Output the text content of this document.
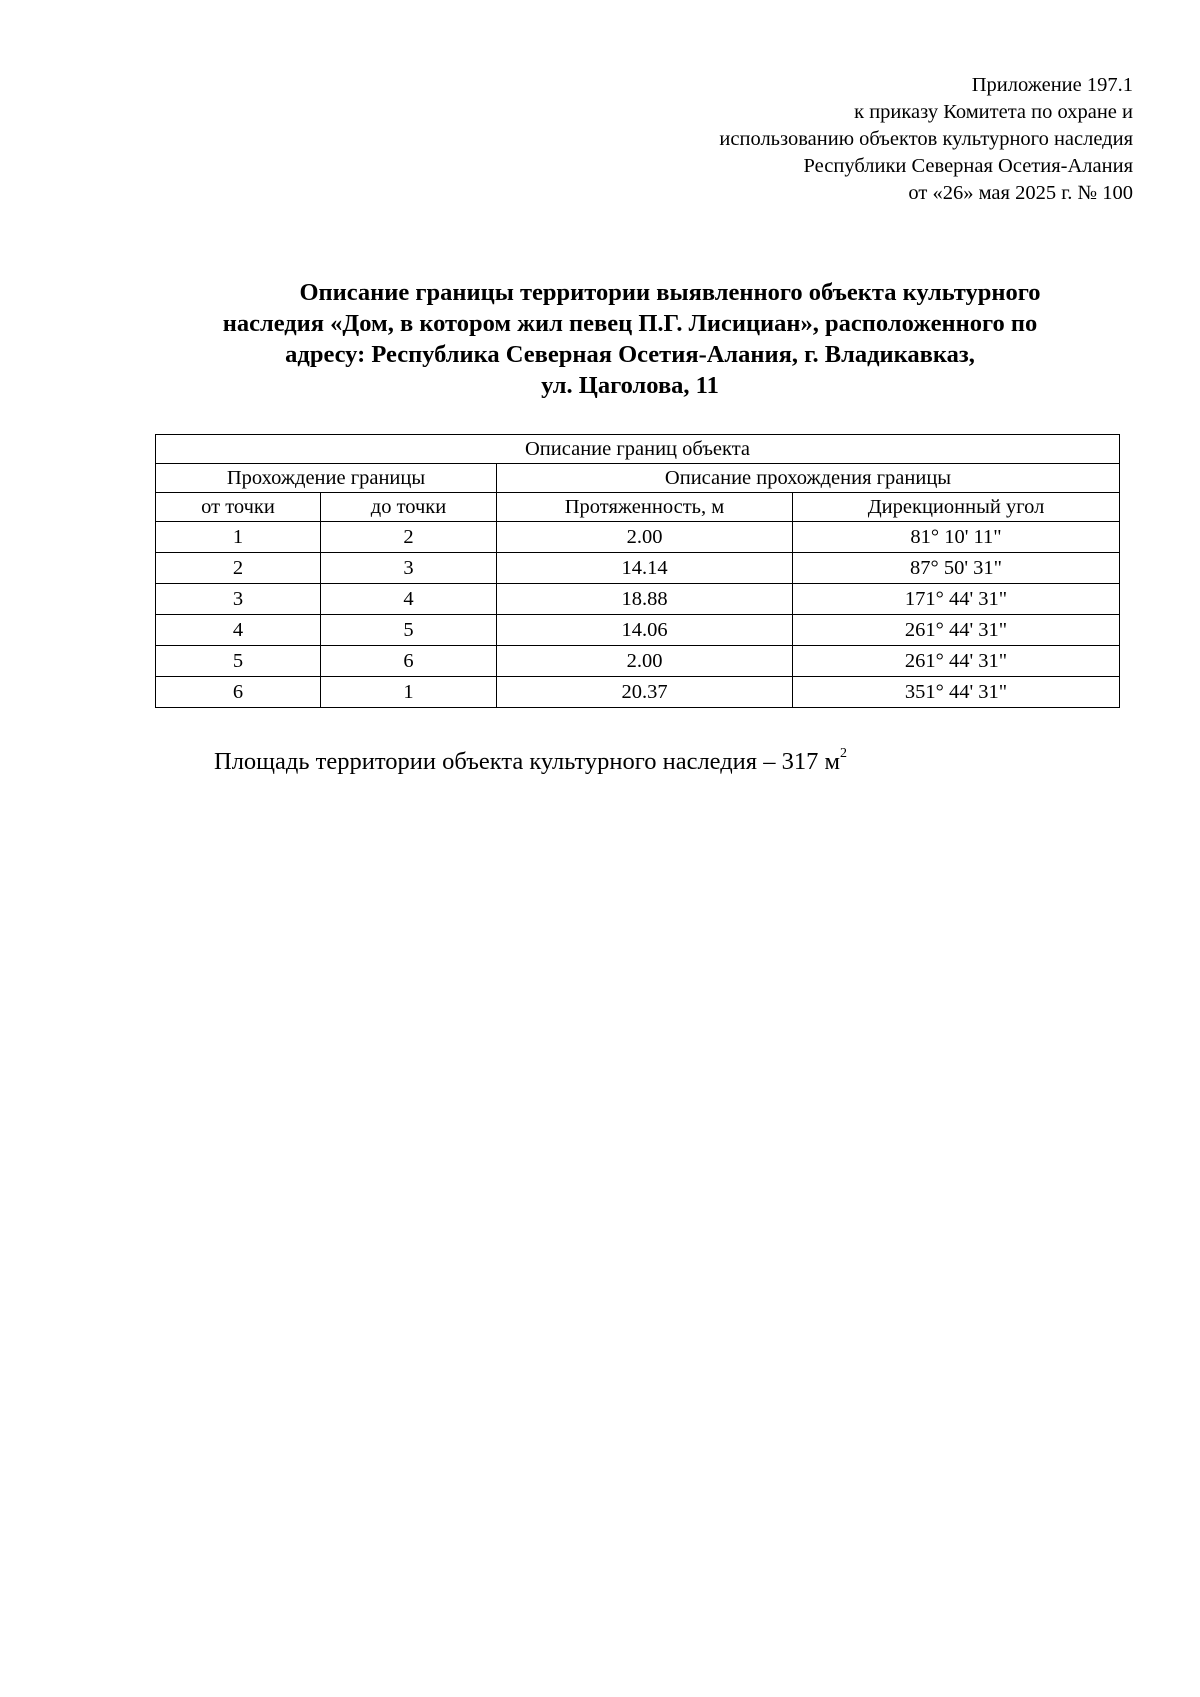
Приложение 197.1
к приказу Комитета по охране и
использованию объектов культурного наследия
Республики Северная Осетия-Алания
от «26» мая 2025 г. № 100
Описание границы территории выявленного объекта культурного
наследия «Дом, в котором жил певец П.Г. Лисициан», расположенного по
адресу: Республика Северная Осетия-Алания, г. Владикавказ,
ул. Цаголова, 11
Описание границ объекта			
Прохождение границы		Описание прохождения границы	
от точки	до точки	Протяженность, м	Дирекционный угол
1	2	2.00	81° 10' 11"
2	3	14.14	87° 50' 31"
3	4	18.88	171° 44' 31"
4	5	14.06	261° 44' 31"
5	6	2.00	261° 44' 31"
6	1	20.37	351° 44' 31"
Площадь территории объекта культурного наследия – 317 $м^2$
